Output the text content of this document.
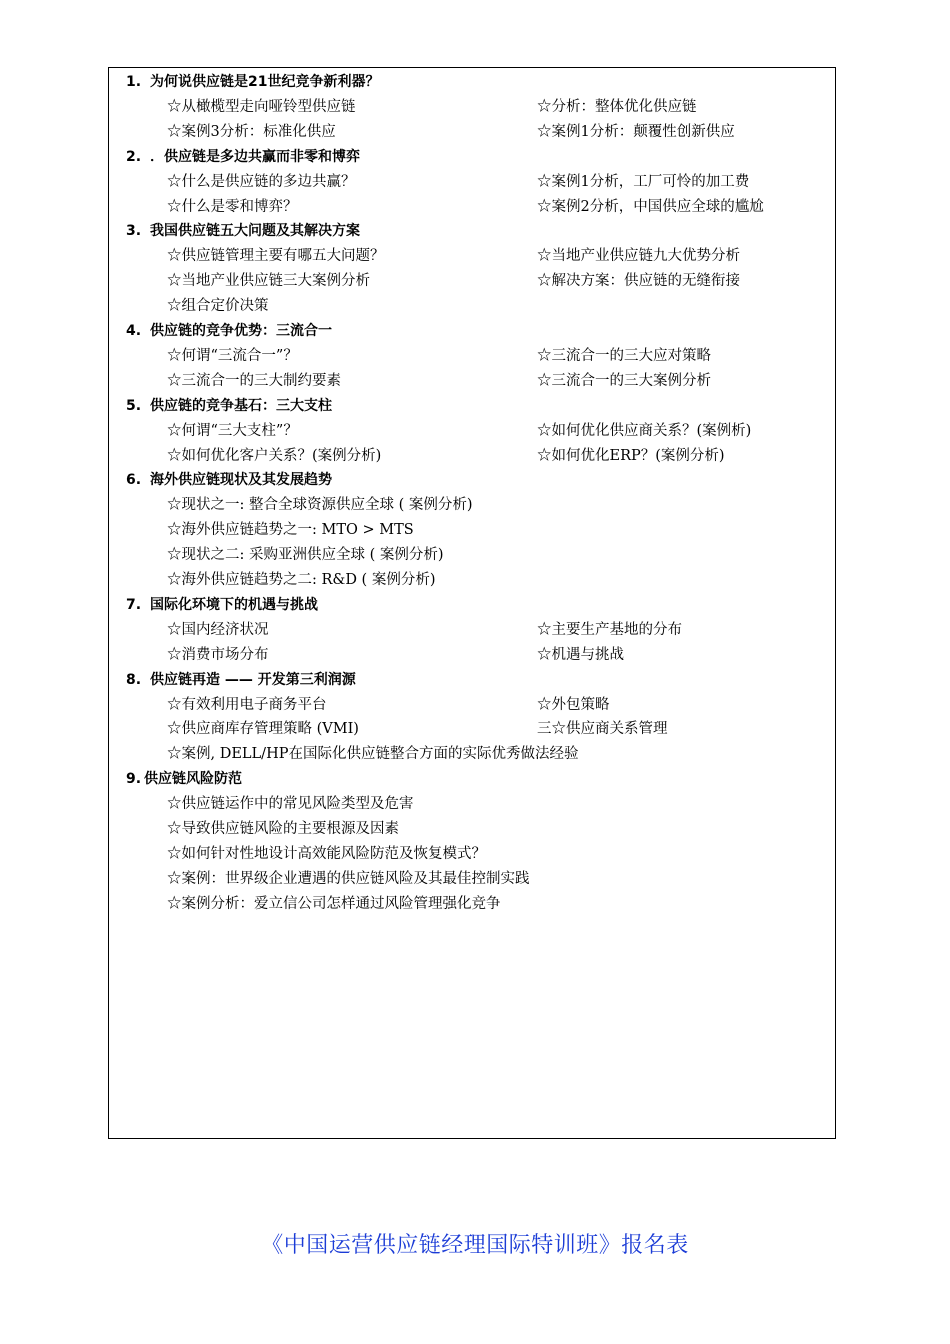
1. 为何说供应链是21世纪竞争新利器？
☆从橄榄型走向哑铃型供应链	☆分析：整体优化供应链
☆案例3分析：标准化供应	☆案例1分析：颠覆性创新供应
2. ．供应链是多边共赢而非零和博弈
☆什么是供应链的多边共赢？	☆案例1分析，工厂可怜的加工费
☆什么是零和博弈？	☆案例2分析，中国供应全球的尴尬
3. 我国供应链五大问题及其解决方案
☆供应链管理主要有哪五大问题？	☆当地产业供应链九大优势分析
☆当地产业供应链三大案例分析	☆解决方案：供应链的无缝衔接
☆组合定价决策
4. 供应链的竞争优势：三流合一
☆何谓“三流合一”？	☆三流合一的三大应对策略
☆三流合一的三大制约要素	☆三流合一的三大案例分析
5. 供应链的竞争基石：三大支柱
☆何谓“三大支柱”？	☆如何优化供应商关系？(案例析)
☆如何优化客户关系？(案例分析)	☆如何优化ERP？(案例分析)
6. 海外供应链现状及其发展趋势
☆现状之一: 整合全球资源供应全球 ( 案例分析)
☆海外供应链趋势之一: MTO > MTS
☆现状之二: 采购亚洲供应全球 ( 案例分析)
☆海外供应链趋势之二: R&D ( 案例分析)
7. 国际化环境下的机遇与挑战
☆国内经济状况	☆主要生产基地的分布
☆消费市场分布	☆机遇与挑战
8. 供应链再造 —— 开发第三利润源
☆有效利用电子商务平台	☆外包策略
☆供应商库存管理策略 (VMI)	三☆供应商关系管理
☆案例, DELL/HP在国际化供应链整合方面的实际优秀做法经验
9. 供应链风险防范
☆供应链运作中的常见风险类型及危害
☆导致供应链风险的主要根源及因素
☆如何针对性地设计高效能风险防范及恢复模式？
☆案例：世界级企业遭遇的供应链风险及其最佳控制实践
☆案例分析：爱立信公司怎样通过风险管理强化竞争
《中国运营供应链经理国际特训班》报名表
